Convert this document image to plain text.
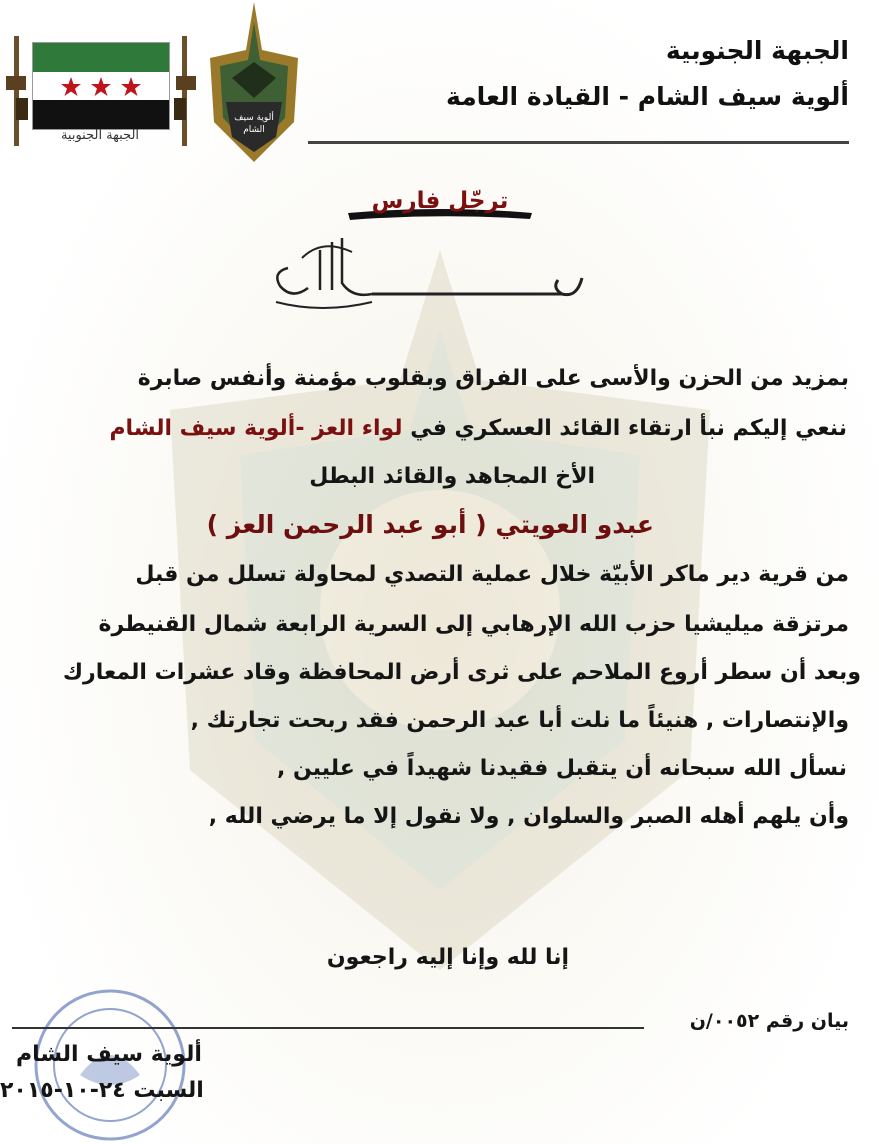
الجبهة الجنوبية
ألوية سيف الشام
الجبهة الجنوبية
ألوية سيف الشام - القيادة العامة
ترجّل فارس
بمزيد من الحزن والأسى على الفراق وبقلوب مؤمنة وأنفس صابرة
ننعي إليكم نبأ ارتقاء القائد العسكري في لواء العز -ألوية سيف الشام
الأخ المجاهد والقائد البطل
عبدو العويتي ( أبو عبد الرحمن العز )
من قرية دير ماكر الأبيّة خلال عملية التصدي لمحاولة تسلل من قبل
مرتزقة ميليشيا حزب الله الإرهابي إلى السرية الرابعة شمال القنيطرة
وبعد أن سطر أروع الملاحم على ثرى أرض المحافظة وقاد عشرات المعارك
والإنتصارات , هنيئاً ما نلت أبا عبد الرحمن فقد ربحت تجارتك ,
نسأل الله سبحانه أن يتقبل فقيدنا شهيداً في عليين ,
وأن يلهم أهله الصبر والسلوان , ولا نقول إلا ما يرضي الله ,
إنا لله وإنا إليه راجعون
بيان رقم ٠٠٥٢/ن
ألوية سيف الشام
السبت ٢٤-١٠-٢٠١٥
